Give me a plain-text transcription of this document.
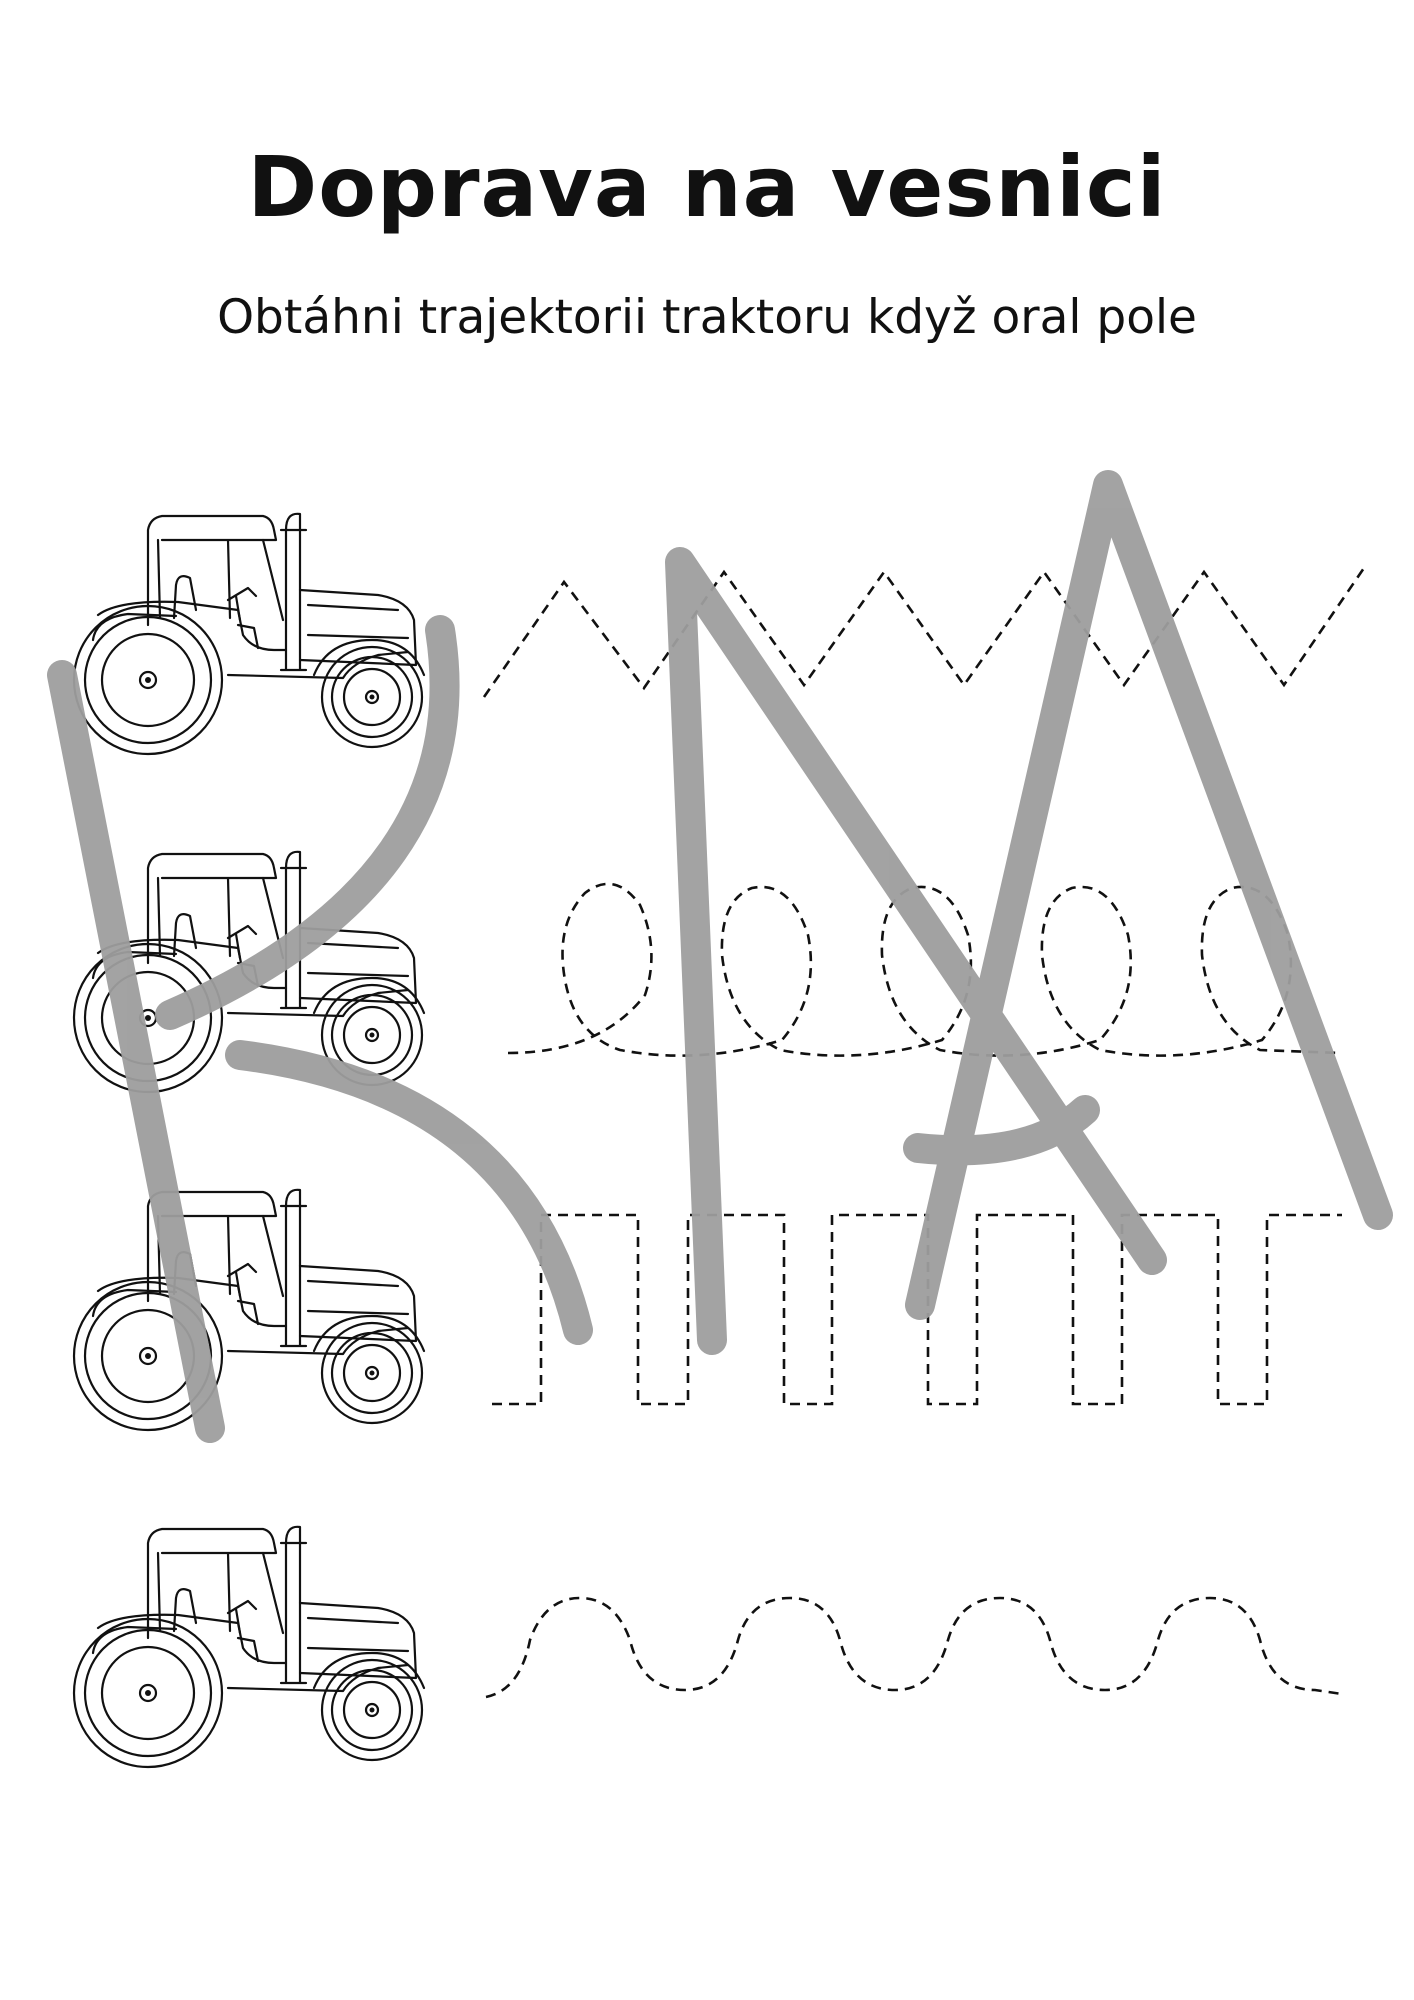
Doprava na vesnici

Obtáhni trajektorii traktoru když oral pole
